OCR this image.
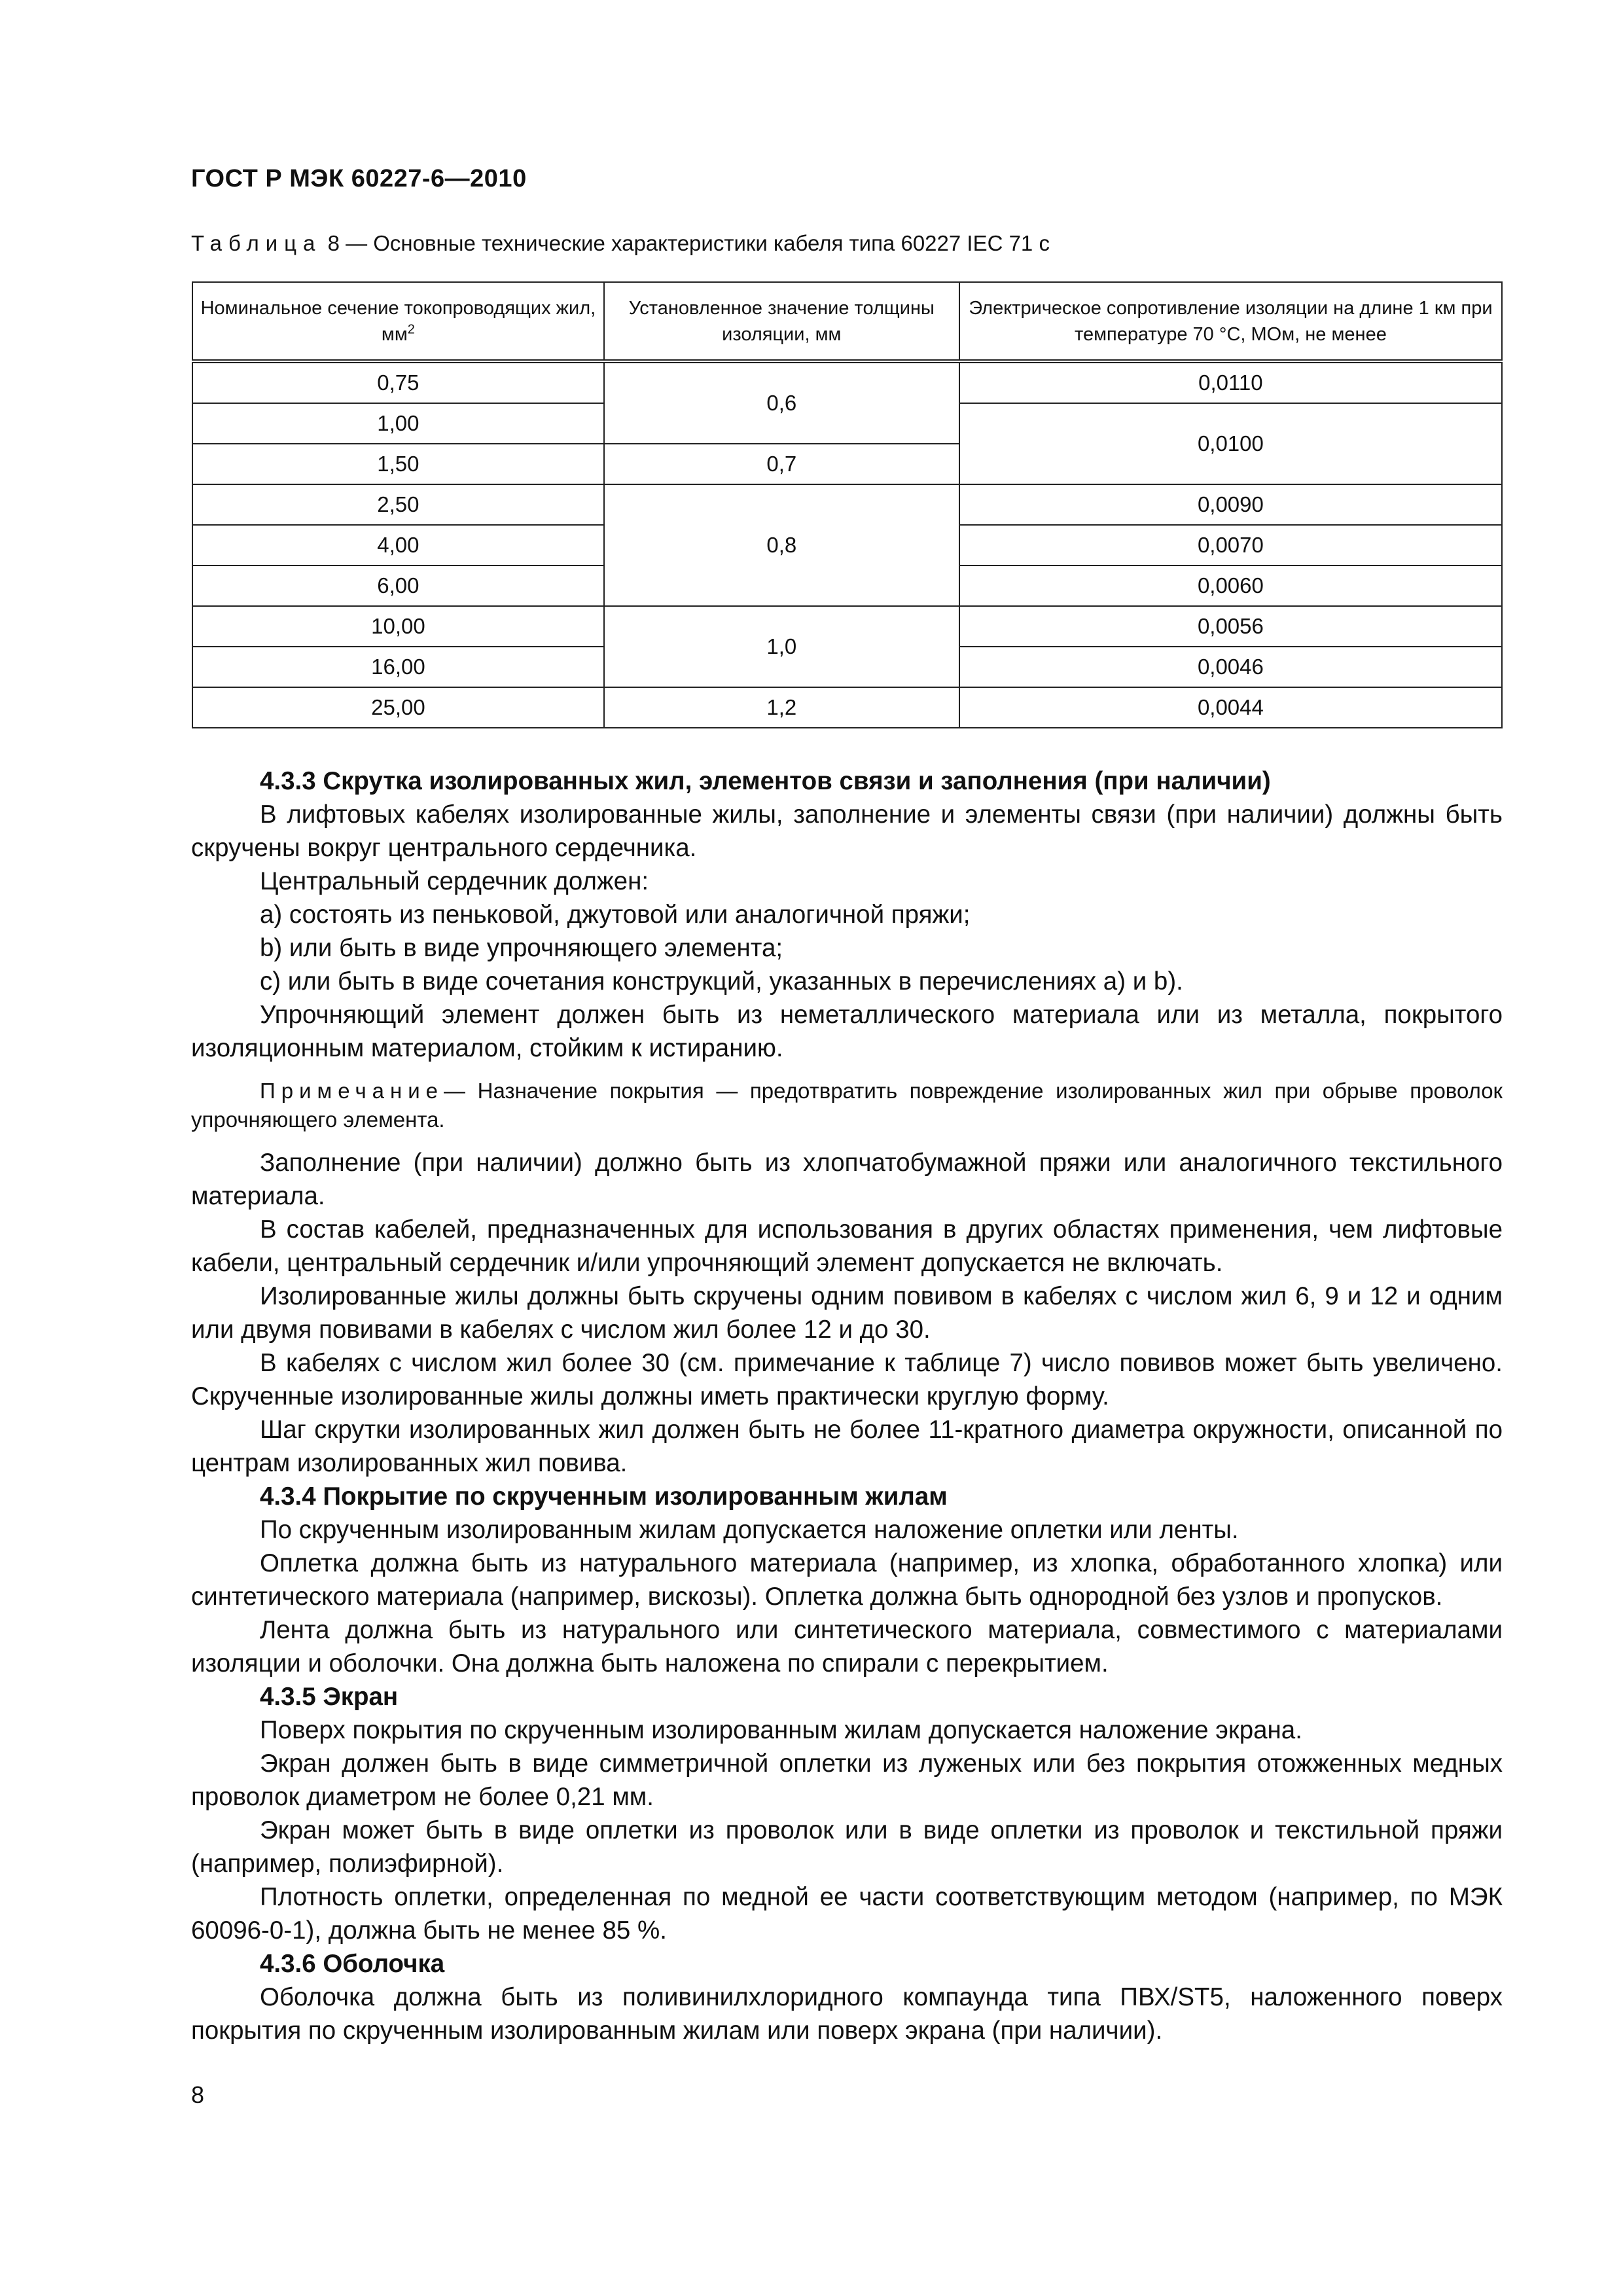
ГОСТ Р МЭК 60227-6—2010
Таблица 8 — Основные технические характеристики кабеля типа 60227 IEC 71 с
Номинальное сечение токопроводящих жил, $мм^2$	Установленное значение толщины изоляции, мм	Электрическое сопротивление изоляции на длине 1 км при температуре 70 °С, МОм, не менее
0,75	0,6	0,0110
1,00		0,0100
1,50	0,7	
2,50	0,8	0,0090
4,00		0,0070
6,00		0,0060
10,00	1,0	0,0056
16,00		0,0046
25,00	1,2	0,0044

4.3.3 Скрутка изолированных жил, элементов связи и заполнения (при наличии)

В лифтовых кабелях изолированные жилы, заполнение и элементы связи (при наличии) должны быть скручены вокруг центрального сердечника.

Центральный сердечник должен:

a) состоять из пеньковой, джутовой или аналогичной пряжи;

b) или быть в виде упрочняющего элемента;

c) или быть в виде сочетания конструкций, указанных в перечислениях a) и b).

Упрочняющий элемент должен быть из неметаллического материала или из металла, покрытого изоляционным материалом, стойким к истиранию.

Примечание— Назначение покрытия — предотвратить повреждение изолированных жил при обрыве проволок упрочняющего элемента.

Заполнение (при наличии) должно быть из хлопчатобумажной пряжи или аналогичного текстильного материала.

В состав кабелей, предназначенных для использования в других областях применения, чем лифтовые кабели, центральный сердечник и/или упрочняющий элемент допускается не включать.

Изолированные жилы должны быть скручены одним повивом в кабелях с числом жил 6, 9 и 12 и одним или двумя повивами в кабелях с числом жил более 12 и до 30.

В кабелях с числом жил более 30 (см. примечание к таблице 7) число повивов может быть увеличено. Скрученные изолированные жилы должны иметь практически круглую форму.

Шаг скрутки изолированных жил должен быть не более 11-кратного диаметра окружности, описанной по центрам изолированных жил повива.

4.3.4 Покрытие по скрученным изолированным жилам

По скрученным изолированным жилам допускается наложение оплетки или ленты.

Оплетка должна быть из натурального материала (например, из хлопка, обработанного хлопка) или синтетического материала (например, вискозы). Оплетка должна быть однородной без узлов и пропусков.

Лента должна быть из натурального или синтетического материала, совместимого с материалами изоляции и оболочки. Она должна быть наложена по спирали с перекрытием.

4.3.5 Экран

Поверх покрытия по скрученным изолированным жилам допускается наложение экрана.

Экран должен быть в виде симметричной оплетки из луженых или без покрытия отожженных медных проволок диаметром не более 0,21 мм.

Экран может быть в виде оплетки из проволок или в виде оплетки из проволок и текстильной пряжи (например, полиэфирной).

Плотность оплетки, определенная по медной ее части соответствующим методом (например, по МЭК 60096-0-1), должна быть не менее 85 %.

4.3.6 Оболочка

Оболочка должна быть из поливинилхлоридного компаунда типа ПВХ/ST5, наложенного поверх покрытия по скрученным изолированным жилам или поверх экрана (при наличии).

8
